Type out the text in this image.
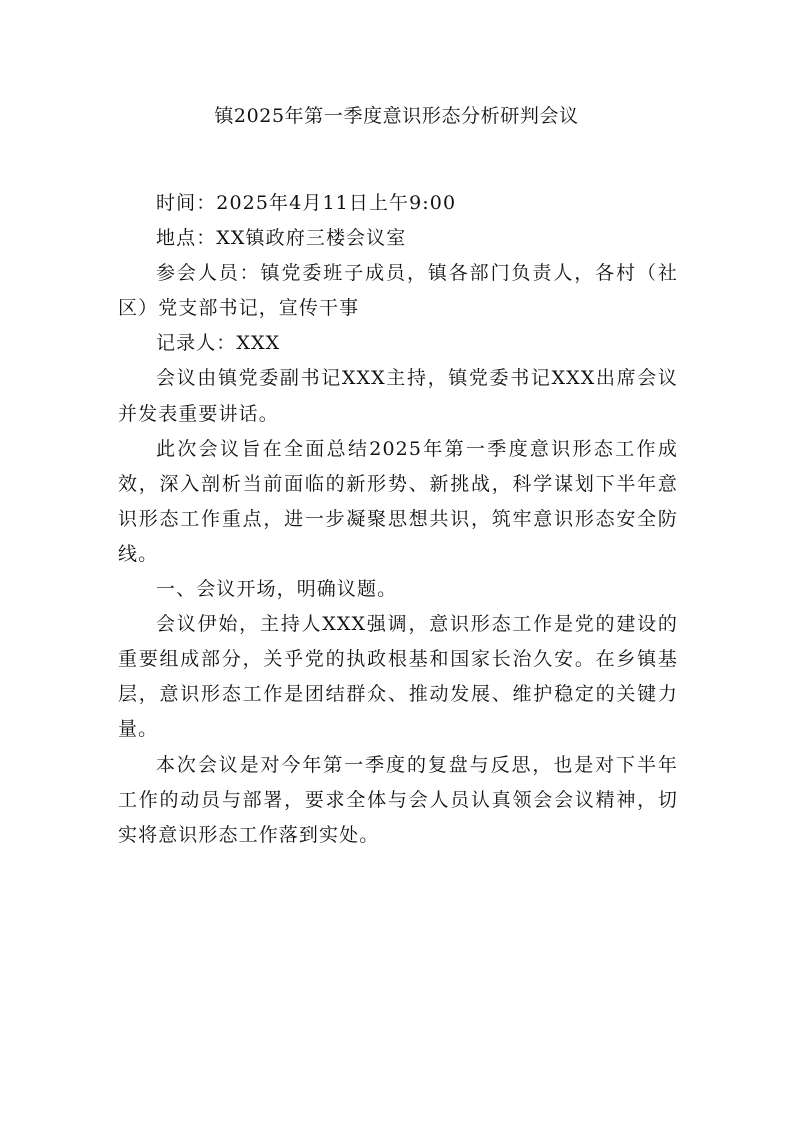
镇2025年第一季度意识形态分析研判会议

时间：2025年4月11日上午9:00

地点：XX镇政府三楼会议室

参会人员：镇党委班子成员，镇各部门负责人，各村（社区）党支部书记，宣传干事

记录人：XXX

会议由镇党委副书记XXX主持，镇党委书记XXX出席会议并发表重要讲话。

此次会议旨在全面总结2025年第一季度意识形态工作成效，深入剖析当前面临的新形势、新挑战，科学谋划下半年意识形态工作重点，进一步凝聚思想共识，筑牢意识形态安全防线。

一、会议开场，明确议题。

会议伊始，主持人XXX强调，意识形态工作是党的建设的重要组成部分，关乎党的执政根基和国家长治久安。在乡镇基层，意识形态工作是团结群众、推动发展、维护稳定的关键力量。

本次会议是对今年第一季度的复盘与反思，也是对下半年工作的动员与部署，要求全体与会人员认真领会会议精神，切实将意识形态工作落到实处。
